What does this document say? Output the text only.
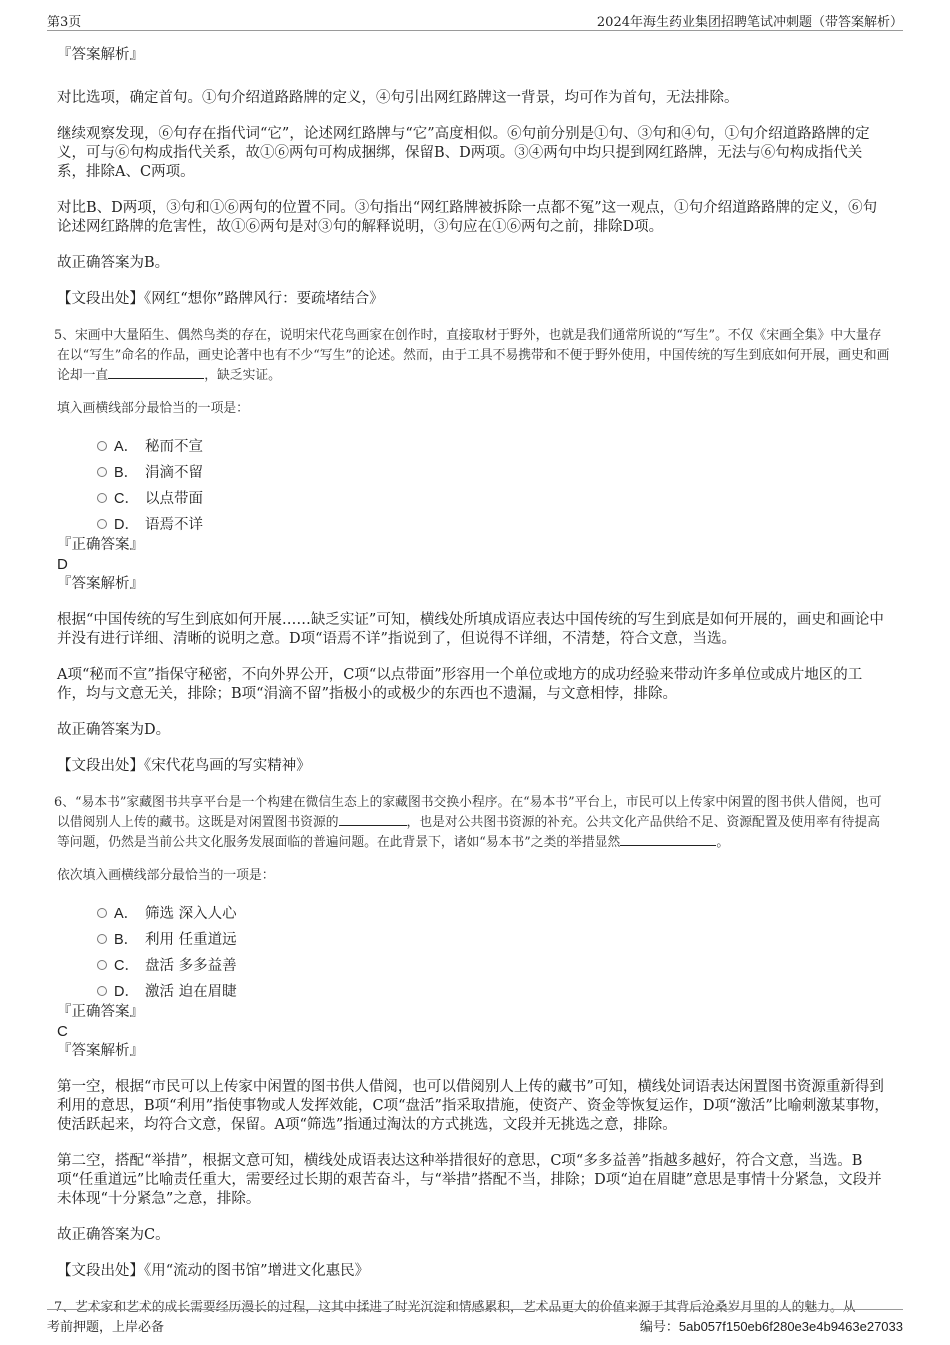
第3页	2024年海生药业集团招聘笔试冲刺题（带答案解析）

『答案解析』

对比选项，确定首句。①句介绍道路路牌的定义，④句引出网红路牌这一背景，均可作为首句，无法排除。

继续观察发现，⑥句存在指代词“它”，论述网红路牌与“它”高度相似。⑥句前分别是①句、③句和④句，①句介绍道路路牌的定义，可与⑥句构成指代关系，故①⑥两句可构成捆绑，保留B、D两项。③④两句中均只提到网红路牌，无法与⑥句构成指代关系，排除A、C两项。

对比B、D两项，③句和①⑥两句的位置不同。③句指出“网红路牌被拆除一点都不冤”这一观点，①句介绍道路路牌的定义，⑥句论述网红路牌的危害性，故①⑥两句是对③句的解释说明，③句应在①⑥两句之前，排除D项。

故正确答案为B。

【文段出处】《网红“想你”路牌风行：要疏堵结合》

5、宋画中大量陌生、偶然鸟类的存在，说明宋代花鸟画家在创作时，直接取材于野外，也就是我们通常所说的“写生”。不仅《宋画全集》中大量存在以“写生”命名的作品，画史论著中也有不少“写生”的论述。然而，由于工具不易携带和不便于野外使用，中国传统的写生到底如何开展，画史和画论却一直	，缺乏实证。

填入画横线部分最恰当的一项是：

A． 秘而不宣
B． 涓滴不留
C． 以点带面
D． 语焉不详

『正确答案』

D

『答案解析』

根据“中国传统的写生到底如何开展……缺乏实证”可知，横线处所填成语应表达中国传统的写生到底是如何开展的，画史和画论中并没有进行详细、清晰的说明之意。D项“语焉不详”指说到了，但说得不详细，不清楚，符合文意，当选。

A项“秘而不宣”指保守秘密，不向外界公开，C项“以点带面”形容用一个单位或地方的成功经验来带动许多单位或成片地区的工作，均与文意无关，排除；B项“涓滴不留”指极小的或极少的东西也不遗漏，与文意相悖，排除。

故正确答案为D。

【文段出处】《宋代花鸟画的写实精神》

6、“易本书”家藏图书共享平台是一个构建在微信生态上的家藏图书交换小程序。在“易本书”平台上，市民可以上传家中闲置的图书供人借阅，也可以借阅别人上传的藏书。这既是对闲置图书资源的	，也是对公共图书资源的补充。公共文化产品供给不足、资源配置及使用率有待提高等问题，仍然是当前公共文化服务发展面临的普遍问题。在此背景下，诸如“易本书”之类的举措显然	。

依次填入画横线部分最恰当的一项是：

A． 筛选 深入人心
B． 利用 任重道远
C． 盘活 多多益善
D． 激活 迫在眉睫

『正确答案』

C

『答案解析』

第一空，根据“市民可以上传家中闲置的图书供人借阅，也可以借阅别人上传的藏书”可知，横线处词语表达闲置图书资源重新得到利用的意思，B项“利用”指使事物或人发挥效能，C项“盘活”指采取措施，使资产、资金等恢复运作，D项“激活”比喻刺激某事物，使活跃起来，均符合文意，保留。A项“筛选”指通过淘汰的方式挑选，文段并无挑选之意，排除。

第二空，搭配“举措”，根据文意可知，横线处成语表达这种举措很好的意思，C项“多多益善”指越多越好，符合文意，当选。B项“任重道远”比喻责任重大，需要经过长期的艰苦奋斗，与“举措”搭配不当，排除；D项“迫在眉睫”意思是事情十分紧急，文段并未体现“十分紧急”之意，排除。

故正确答案为C。

【文段出处】《用“流动的图书馆”增进文化惠民》

7、艺术家和艺术的成长需要经历漫长的过程，这其中揉进了时光沉淀和情感累积，艺术品更大的价值来源于其背后沧桑岁月里的人的魅力。从

考前押题，上岸必备	编号：5ab057f150eb6f280e3e4b9463e27033
